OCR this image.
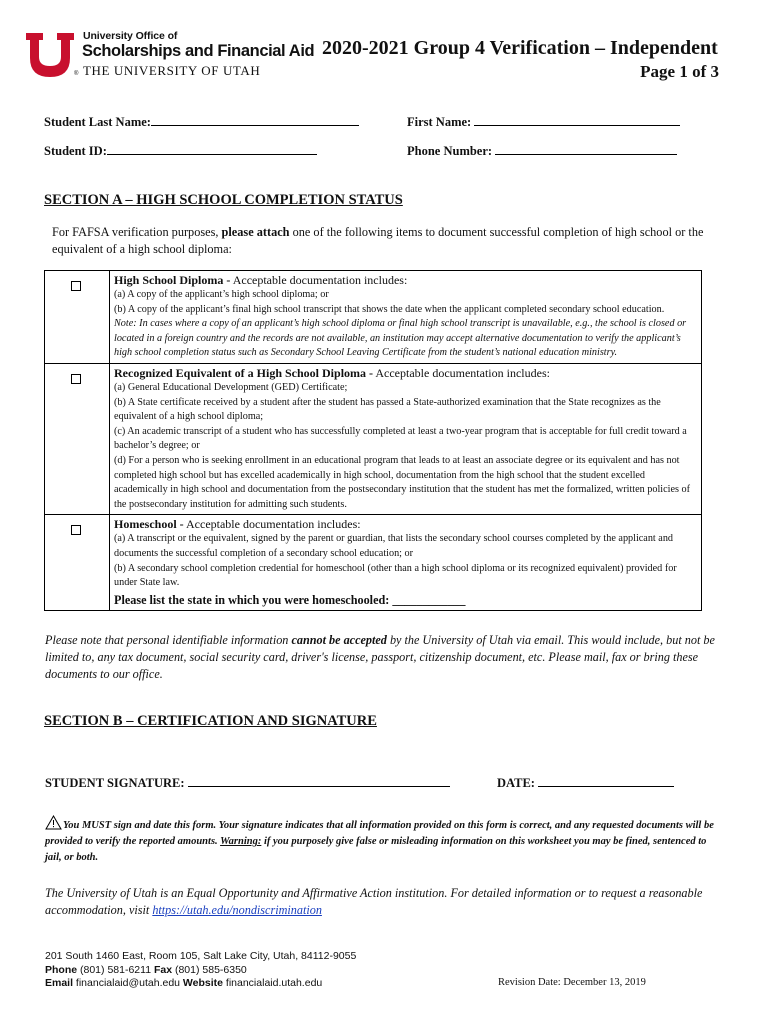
®
University Office of
Scholarships and Financial Aid
THE UNIVERSITY OF UTAH
2020-2021 Group 4 Verification – Independent
Page 1 of 3
Student Last Name:	First Name:
Student ID:	Phone Number:
SECTION A – HIGH SCHOOL COMPLETION STATUS
For FAFSA verification purposes, please attach one of the following items to document successful completion of high school or the equivalent of a high school diploma:
High School Diploma - Acceptable documentation includes:
(a) A copy of the applicant’s high school diploma; or
(b) A copy of the applicant’s final high school transcript that shows the date when the applicant completed secondary school education.
Note: In cases where a copy of an applicant’s high school diploma or final high school transcript is unavailable, e.g., the school is closed or located in a foreign country and the records are not available, an institution may accept alternative documentation to verify the applicant’s high school completion status such as Secondary School Leaving Certificate from the student’s national education ministry.
Recognized Equivalent of a High School Diploma - Acceptable documentation includes:
(a) General Educational Development (GED) Certificate;
(b) A State certificate received by a student after the student has passed a State-authorized examination that the State recognizes as the equivalent of a high school diploma;
(c) An academic transcript of a student who has successfully completed at least a two-year program that is acceptable for full credit toward a bachelor’s degree; or
(d) For a person who is seeking enrollment in an educational program that leads to at least an associate degree or its equivalent and has not completed high school but has excelled academically in high school, documentation from the high school that the student excelled academically in high school and documentation from the postsecondary institution that the student has met the formalized, written policies of the postsecondary institution for admitting such students.
Homeschool - Acceptable documentation includes:
(a) A transcript or the equivalent, signed by the parent or guardian, that lists the secondary school courses completed by the applicant and documents the successful completion of a secondary school education; or
(b) A secondary school completion credential for homeschool (other than a high school diploma or its recognized equivalent) provided for under State law.
Please list the state in which you were homeschooled: ____________
Please note that personal identifiable information cannot be accepted by the University of Utah via email. This would include, but not be limited to, any tax document, social security card, driver's license, passport, citizenship document, etc. Please mail, fax or bring these documents to our office.
SECTION B – CERTIFICATION AND SIGNATURE
STUDENT SIGNATURE:	DATE:
You MUST sign and date this form. Your signature indicates that all information provided on this form is correct, and any requested documents will be provided to verify the reported amounts. Warning: if you purposely give false or misleading information on this worksheet you may be fined, sentenced to jail, or both.
The University of Utah is an Equal Opportunity and Affirmative Action institution. For detailed information or to request a reasonable accommodation, visit https://utah.edu/nondiscrimination
201 South 1460 East, Room 105, Salt Lake City, Utah, 84112-9055
Phone (801) 581-6211 Fax (801) 585-6350
Email financialaid@utah.edu Website financialaid.utah.edu	Revision Date: December 13, 2019
